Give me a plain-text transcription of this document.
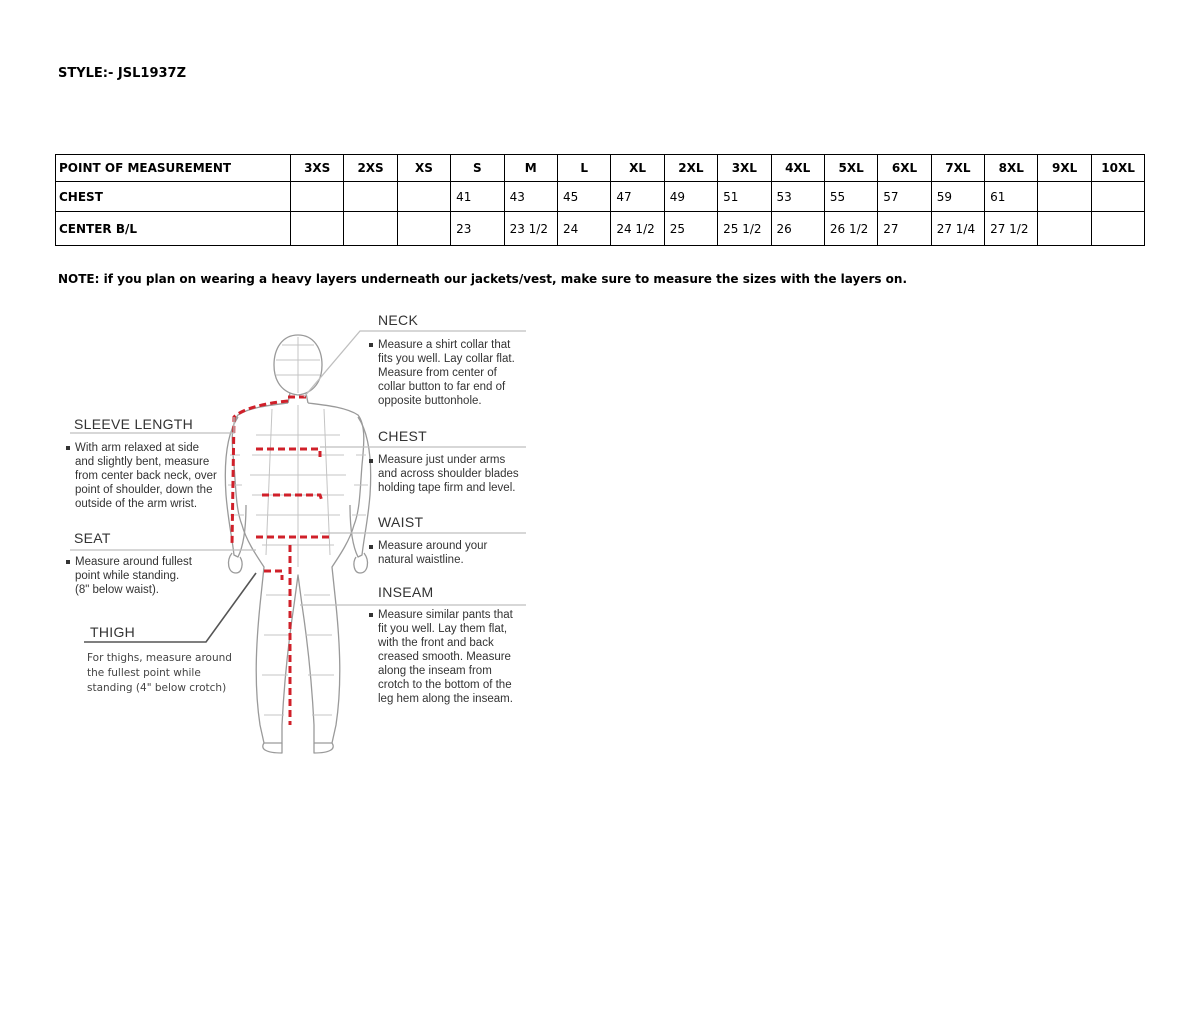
STYLE:- JSL1937Z
POINT OF MEASUREMENT	3XS	2XS	XS	S	M	L	XL	2XL	3XL	4XL	5XL	6XL	7XL	8XL	9XL	10XL
CHEST				41	43	45	47	49	51	53	55	57	59	61		
CENTER B/L				23	23 1/2	24	24 1/2	25	25 1/2	26	26 1/2	27	27 1/4	27 1/2		
NOTE: if you plan on wearing a heavy layers underneath our jackets/vest, make sure to measure the sizes with the layers on.
NECK
Measure a shirt collar that
fits you well. Lay collar flat.
Measure from center of
collar button to far end of
opposite buttonhole.
CHEST
Measure just under arms
and across shoulder blades
holding tape firm and level.
WAIST
Measure around your
natural waistline.
INSEAM
Measure similar pants that
fit you well. Lay them flat,
with the front and back
creased smooth. Measure
along the inseam from
crotch to the bottom of the
leg hem along the inseam.
SLEEVE LENGTH
With arm relaxed at side
and slightly bent, measure
from center back neck, over
point of shoulder, down the
outside of the arm wrist.
SEAT
Measure around fullest
point while standing.
(8" below waist).
THIGH
For thighs, measure around
the fullest point while
standing (4" below crotch)
